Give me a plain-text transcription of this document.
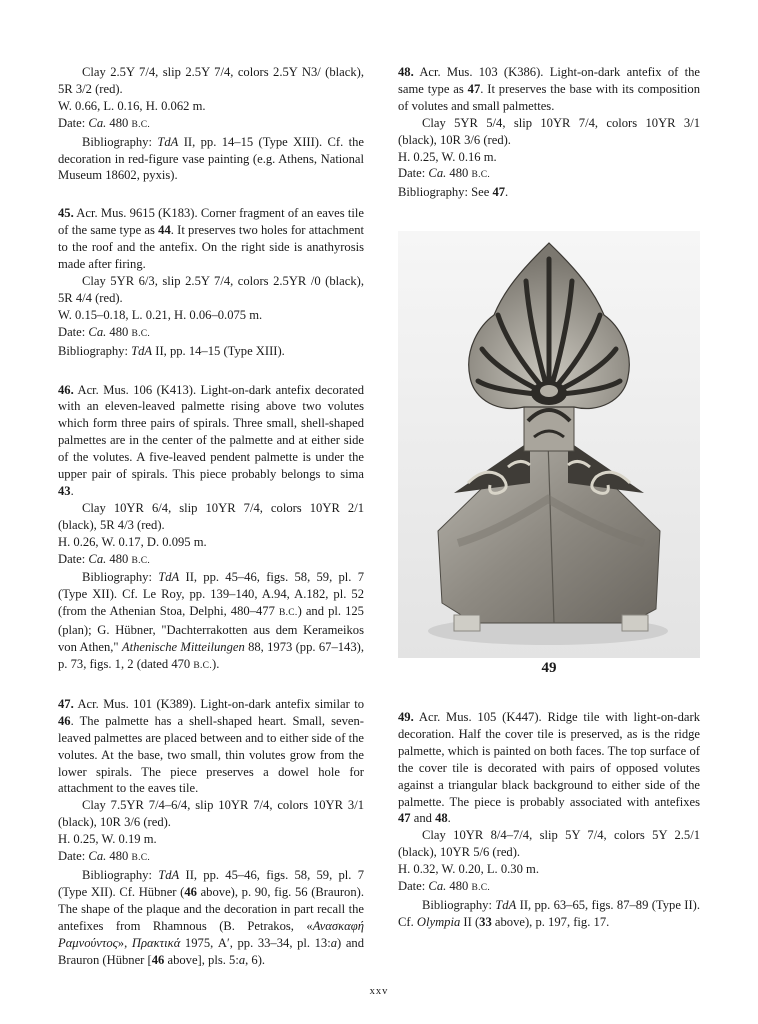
Clay 2.5Y 7/4, slip 2.5Y 7/4, colors 2.5Y N3/ (black), 5R 3/2 (red).

W. 0.66, L. 0.16, H. 0.062 m.

Date: Ca. 480 B.C.

Bibliography: TdA II, pp. 14–15 (Type XIII). Cf. the decoration in red-figure vase painting (e.g. Athens, National Museum 18602, pyxis).

45. Acr. Mus. 9615 (K183). Corner fragment of an eaves tile of the same type as 44. It preserves two holes for attachment to the roof and the antefix. On the right side is anathyrosis made after firing.

Clay 5YR 6/3, slip 2.5Y 7/4, colors 2.5YR /0 (black), 5R 4/4 (red).

W. 0.15–0.18, L. 0.21, H. 0.06–0.075 m.

Date: Ca. 480 B.C.

Bibliography: TdA II, pp. 14–15 (Type XIII).

46. Acr. Mus. 106 (K413). Light-on-dark antefix decorated with an eleven-leaved palmette rising above two volutes which form three pairs of spirals. Three small, shell-shaped palmettes are in the center of the palmette and at either side of the volutes. A five-leaved pendent palmette is under the upper pair of spirals. This piece probably belongs to sima 43.

Clay 10YR 6/4, slip 10YR 7/4, colors 10YR 2/1 (black), 5R 4/3 (red).

H. 0.26, W. 0.17, D. 0.095 m.

Date: Ca. 480 B.C.

Bibliography: TdA II, pp. 45–46, figs. 58, 59, pl. 7 (Type XII). Cf. Le Roy, pp. 139–140, A.94, A.182, pl. 52 (from the Athenian Stoa, Delphi, 480–477 B.C.) and pl. 125 (plan); G. Hübner, "Dachterrakotten aus dem Kerameikos von Athen," Athenische Mitteilungen 88, 1973 (pp. 67–143), p. 73, figs. 1, 2 (dated 470 B.C.).

47. Acr. Mus. 101 (K389). Light-on-dark antefix similar to 46. The palmette has a shell-shaped heart. Small, seven-leaved palmettes are placed between and to either side of the volutes. At the base, two small, thin volutes grow from the lower spirals. The piece preserves a dowel hole for attachment to the eaves tile.

Clay 7.5YR 7/4–6/4, slip 10YR 7/4, colors 10YR 3/1 (black), 10R 3/6 (red).

H. 0.25, W. 0.19 m.

Date: Ca. 480 B.C.

Bibliography: TdA II, pp. 45–46, figs. 58, 59, pl. 7 (Type XII). Cf. Hübner (46 above), p. 90, fig. 56 (Brauron). The shape of the plaque and the decoration in part recall the antefixes from Rhamnous (B. Petrakos, «Ανασκαφή Ραμνούντος», Πρακτικά 1975, A′, pp. 33–34, pl. 13:a) and Brauron (Hübner [46 above], pls. 5:a, 6).

48. Acr. Mus. 103 (K386). Light-on-dark antefix of the same type as 47. It preserves the base with its composition of volutes and small palmettes.

Clay 5YR 5/4, slip 10YR 7/4, colors 10YR 3/1 (black), 10R 3/6 (red).

H. 0.25, W. 0.16 m.

Date: Ca. 480 B.C.

Bibliography: See 47.

49

49. Acr. Mus. 105 (K447). Ridge tile with light-on-dark decoration. Half the cover tile is preserved, as is the ridge palmette, which is painted on both faces. The top surface of the cover tile is decorated with pairs of opposed volutes against a triangular black background to either side of the palmette. The piece is probably associated with antefixes 47 and 48.

Clay 10YR 8/4–7/4, slip 5Y 7/4, colors 5Y 2.5/1 (black), 10YR 5/6 (red).

H. 0.32, W. 0.20, L. 0.30 m.

Date: Ca. 480 B.C.

Bibliography: TdA II, pp. 63–65, figs. 87–89 (Type II). Cf. Olympia II (33 above), p. 197, fig. 17.

xxv
